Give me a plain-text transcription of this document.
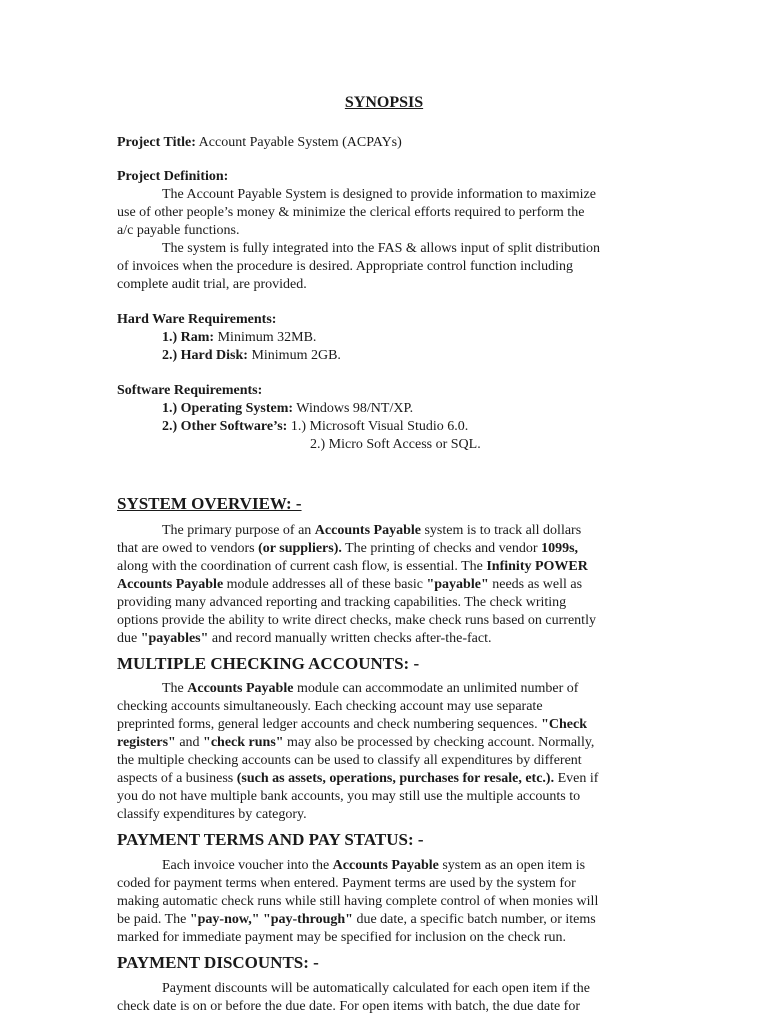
SYNOPSIS
Project Title: Account Payable System (ACPAYs)
Project Definition:
The Account Payable System is designed to provide information to maximize
use of other people’s money & minimize the clerical efforts required to perform the
a/c payable functions.
The system is fully integrated into the FAS & allows input of split distribution
of invoices when the procedure is desired. Appropriate control function including
complete audit trial, are provided.
Hard Ware Requirements:
1.) Ram: Minimum 32MB.
2.) Hard Disk: Minimum 2GB.
Software Requirements:
1.) Operating System: Windows 98/NT/XP.
2.) Other Software’s: 1.) Microsoft Visual Studio 6.0.
2.) Micro Soft Access or SQL.
SYSTEM OVERVIEW: -
The primary purpose of an Accounts Payable system is to track all dollars
that are owed to vendors (or suppliers). The printing of checks and vendor 1099s,
along with the coordination of current cash flow, is essential. The Infinity POWER
Accounts Payable module addresses all of these basic "payable" needs as well as
providing many advanced reporting and tracking capabilities. The check writing
options provide the ability to write direct checks, make check runs based on currently
due "payables" and record manually written checks after-the-fact.
MULTIPLE CHECKING ACCOUNTS: -
The Accounts Payable module can accommodate an unlimited number of
checking accounts simultaneously. Each checking account may use separate
preprinted forms, general ledger accounts and check numbering sequences. "Check
registers" and "check runs" may also be processed by checking account. Normally,
the multiple checking accounts can be used to classify all expenditures by different
aspects of a business (such as assets, operations, purchases for resale, etc.). Even if
you do not have multiple bank accounts, you may still use the multiple accounts to
classify expenditures by category.
PAYMENT TERMS AND PAY STATUS: -
Each invoice voucher into the Accounts Payable system as an open item is
coded for payment terms when entered. Payment terms are used by the system for
making automatic check runs while still having complete control of when monies will
be paid. The "pay-now," "pay-through" due date, a specific batch number, or items
marked for immediate payment may be specified for inclusion on the check run.
PAYMENT DISCOUNTS: -
Payment discounts will be automatically calculated for each open item if the
check date is on or before the due date. For open items with batch, the due date for
